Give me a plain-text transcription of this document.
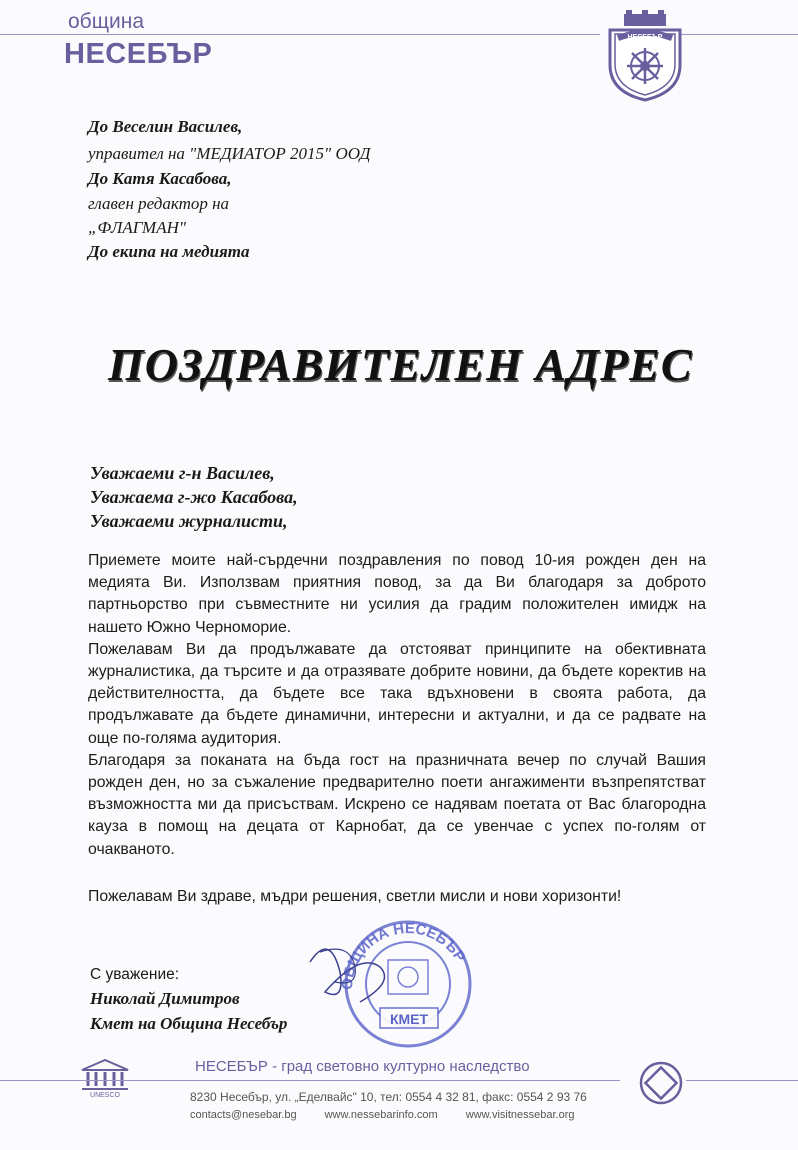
община
НЕСЕБЪР
НЕСЕБЪР
До Веселин Василев,
управител на "МЕДИАТОР 2015" ООД
До Катя Касабова,
главен редактор на
„ФЛАГМАН"
До екипа на медията
ПОЗДРАВИТЕЛЕН АДРЕС
Уважаеми г-н Василев,
Уважаема г-жо Касабова,
Уважаеми журналисти,

Приемете моите най-сърдечни поздравления по повод 10-ия рожден ден на медията Ви. Използвам приятния повод, за да Ви благодаря за доброто партньорство при съвместните ни усилия да градим положителен имидж на нашето Южно Черноморие.

Пожелавам Ви да продължавате да отстояват принципите на обективната журналистика, да търсите и да отразявате добрите новини, да бъдете коректив на действителността, да бъдете все така вдъхновени в своята работа, да продължавате да бъдете динамични, интересни и актуални, и да се радвате на още по-голяма аудитория.

Благодаря за поканата на бъда гост на празничната вечер по случай Вашия рожден ден, но за съжаление предварително поети ангажименти възпрепятстват възможността ми да присъствам. Искрено се надявам поетата от Вас благородна кауза в помощ на децата от Карнобат, да се увенчае с успех по-голям от очакваното.

Пожелавам Ви здраве, мъдри решения, светли мисли и нови хоризонти!
ОБЩИНА НЕСЕБЪР
КМЕТ
С уважение:
Николай Димитров
Кмет на Община Несебър
UNESCO
НЕСЕБЪР - град световно културно наследство
8230 Несебър, ул. „Еделвайс" 10, тел: 0554 4 32 81, факс: 0554 2 93 76
contacts@nesebar.bg	www.nessebarinfo.com	www.visitnessebar.org
